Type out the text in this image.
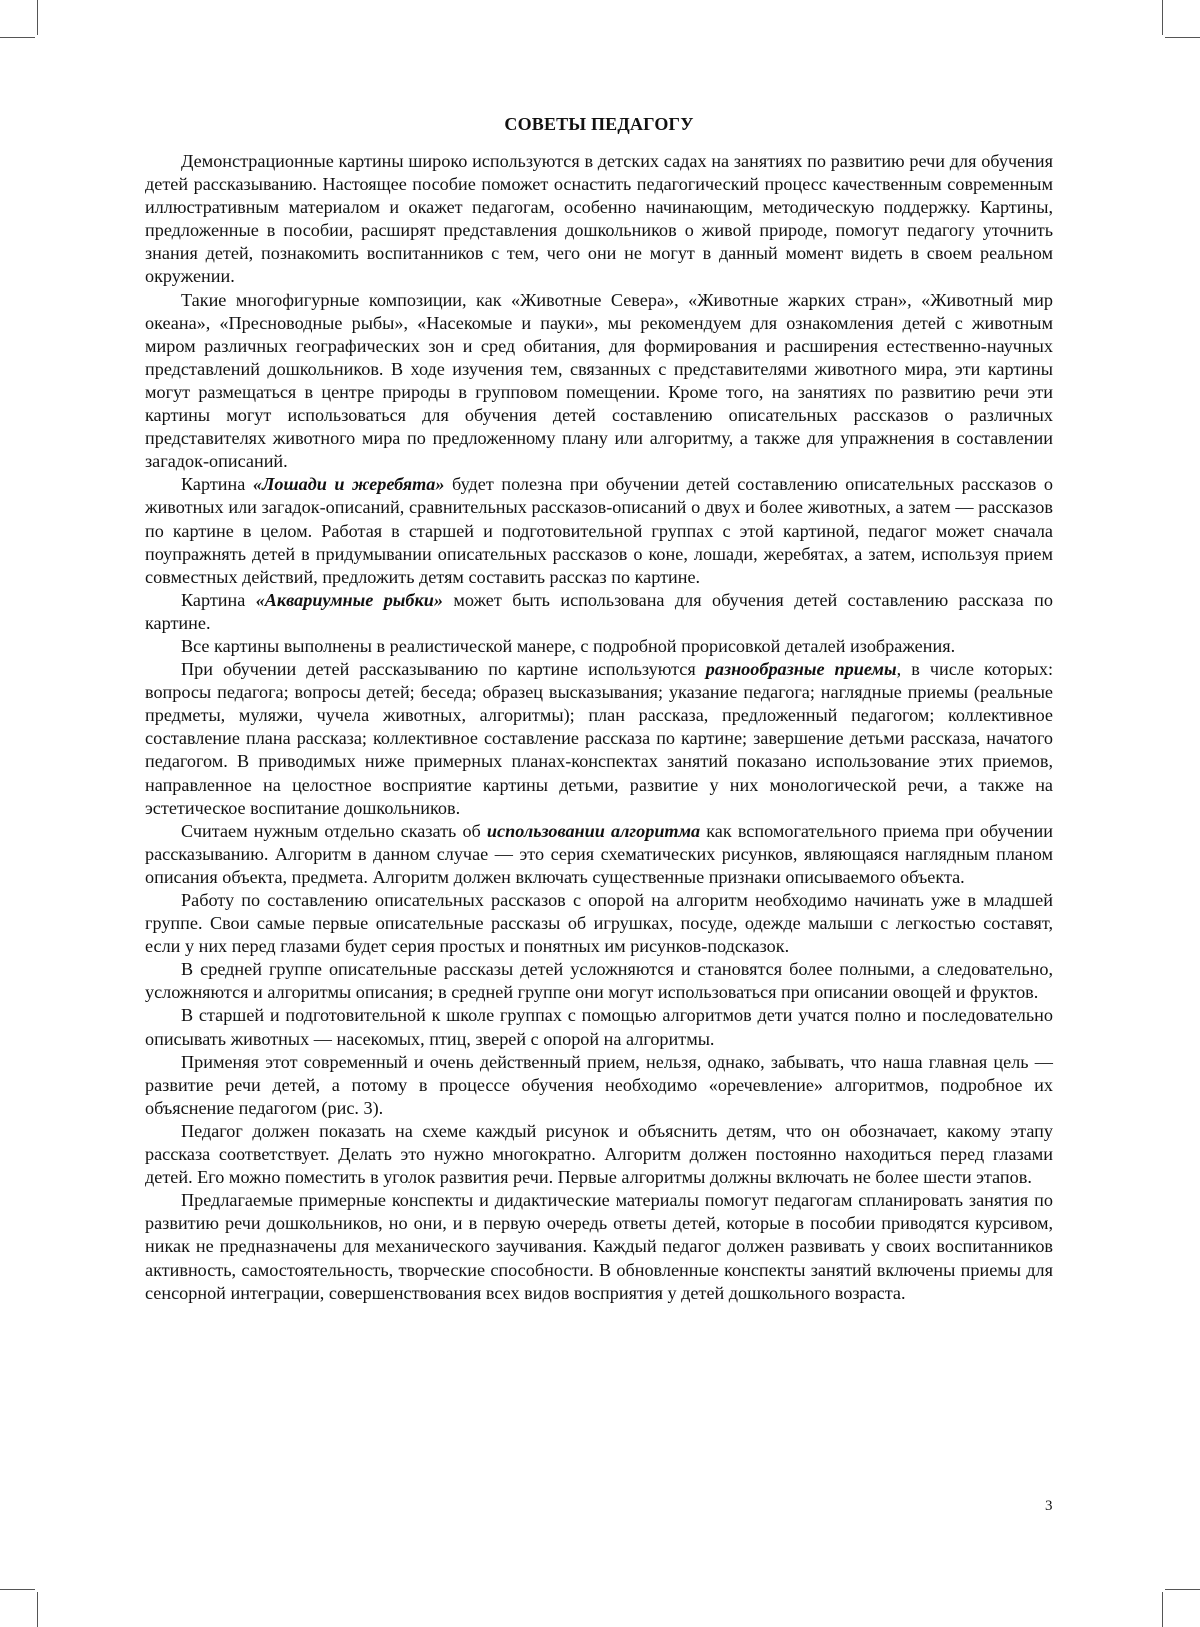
СОВЕТЫ ПЕДАГОГУ

Демонстрационные картины широко используются в детских садах на занятиях по развитию речи для обучения детей рассказыванию. Настоящее пособие поможет оснастить педагогический процесс качественным современным иллюстративным материалом и окажет педагогам, особенно начинающим, методическую поддержку. Картины, предложенные в пособии, расширят представления дошкольников о живой природе, помогут педагогу уточнить знания детей, познакомить воспитанников с тем, чего они не могут в данный момент видеть в своем реальном окружении.

Такие многофигурные композиции, как «Животные Севера», «Животные жарких стран», «Животный мир океана», «Пресноводные рыбы», «Насекомые и пауки», мы рекомендуем для ознакомления детей с животным миром различных географических зон и сред обитания, для формирования и расширения естественно-научных представлений дошкольников. В ходе изучения тем, связанных с представителями животного мира, эти картины могут размещаться в центре природы в групповом помещении. Кроме того, на занятиях по развитию речи эти картины могут использоваться для обучения детей составлению описательных рассказов о различных представителях животного мира по предложенному плану или алгоритму, а также для упражнения в составлении загадок-описаний.

Картина «Лошади и жеребята» будет полезна при обучении детей составлению описательных рассказов о животных или загадок-описаний, сравнительных рассказов-описаний о двух и более животных, а затем — рассказов по картине в целом. Работая в старшей и подготовительной группах с этой картиной, педагог может сначала поупражнять детей в придумывании описательных рассказов о коне, лошади, жеребятах, а затем, используя прием совместных действий, предложить детям составить рассказ по картине.

Картина «Аквариумные рыбки» может быть использована для обучения детей составлению рассказа по картине.

Все картины выполнены в реалистической манере, с подробной прорисовкой деталей изображения.

При обучении детей рассказыванию по картине используются разнообразные приемы, в числе которых: вопросы педагога; вопросы детей; беседа; образец высказывания; указание педагога; наглядные приемы (реальные предметы, муляжи, чучела животных, алгоритмы); план рассказа, предложенный педагогом; коллективное составление плана рассказа; коллективное составление рассказа по картине; завершение детьми рассказа, начатого педагогом. В приводимых ниже примерных планах-конспектах занятий показано использование этих приемов, направленное на целостное восприятие картины детьми, развитие у них монологической речи, а также на эстетическое воспитание дошкольников.

Считаем нужным отдельно сказать об использовании алгоритма как вспомогательного приема при обучении рассказыванию. Алгоритм в данном случае — это серия схематических рисунков, являющаяся наглядным планом описания объекта, предмета. Алгоритм должен включать существенные признаки описываемого объекта.

Работу по составлению описательных рассказов с опорой на алгоритм необходимо начинать уже в младшей группе. Свои самые первые описательные рассказы об игрушках, посуде, одежде малыши с легкостью составят, если у них перед глазами будет серия простых и понятных им рисунков-подсказок.

В средней группе описательные рассказы детей усложняются и становятся более полными, а следовательно, усложняются и алгоритмы описания; в средней группе они могут использоваться при описании овощей и фруктов.

В старшей и подготовительной к школе группах с помощью алгоритмов дети учатся полно и последовательно описывать животных — насекомых, птиц, зверей с опорой на алгоритмы.

Применяя этот современный и очень действенный прием, нельзя, однако, забывать, что наша главная цель — развитие речи детей, а потому в процессе обучения необходимо «оречевление» алгоритмов, подробное их объяснение педагогом (рис. 3).

Педагог должен показать на схеме каждый рисунок и объяснить детям, что он обозначает, какому этапу рассказа соответствует. Делать это нужно многократно. Алгоритм должен постоянно находиться перед глазами детей. Его можно поместить в уголок развития речи. Первые алгоритмы должны включать не более шести этапов.

Предлагаемые примерные конспекты и дидактические материалы помогут педагогам спланировать занятия по развитию речи дошкольников, но они, и в первую очередь ответы детей, которые в пособии приводятся курсивом, никак не предназначены для механического заучивания. Каждый педагог должен развивать у своих воспитанников активность, самостоятельность, творческие способности. В обновленные конспекты занятий включены приемы для сенсорной интеграции, совершенствования всех видов восприятия у детей дошкольного возраста.

3
